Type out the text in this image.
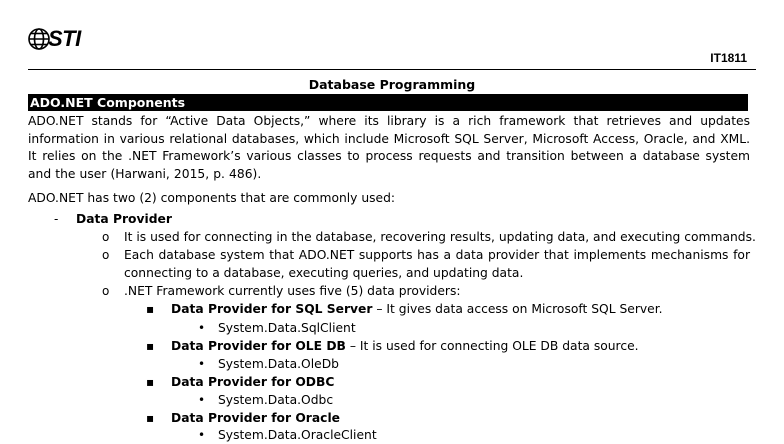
STI
IT1811
Database Programming
ADO.NET Components
ADO.NET stands for “Active Data Objects,” where its library is a rich framework that retrieves and updates information in various relational databases, which include Microsoft SQL Server, Microsoft Access, Oracle, and XML. It relies on the .NET Framework’s various classes to process requests and transition between a database system and the user (Harwani, 2015, p. 486).
ADO.NET has two (2) components that are commonly used:
- Data Provider
o It is used for connecting in the database, recovering results, updating data, and executing commands.
o Each database system that ADO.NET supports has a data provider that implements mechanisms for connecting to a database, executing queries, and updating data.
o .NET Framework currently uses five (5) data providers:
▪ Data Provider for SQL Server – It gives data access on Microsoft SQL Server.
• System.Data.SqlClient
▪ Data Provider for OLE DB – It is used for connecting OLE DB data source.
• System.Data.OleDb
▪ Data Provider for ODBC
• System.Data.Odbc
▪ Data Provider for Oracle
• System.Data.OracleClient
